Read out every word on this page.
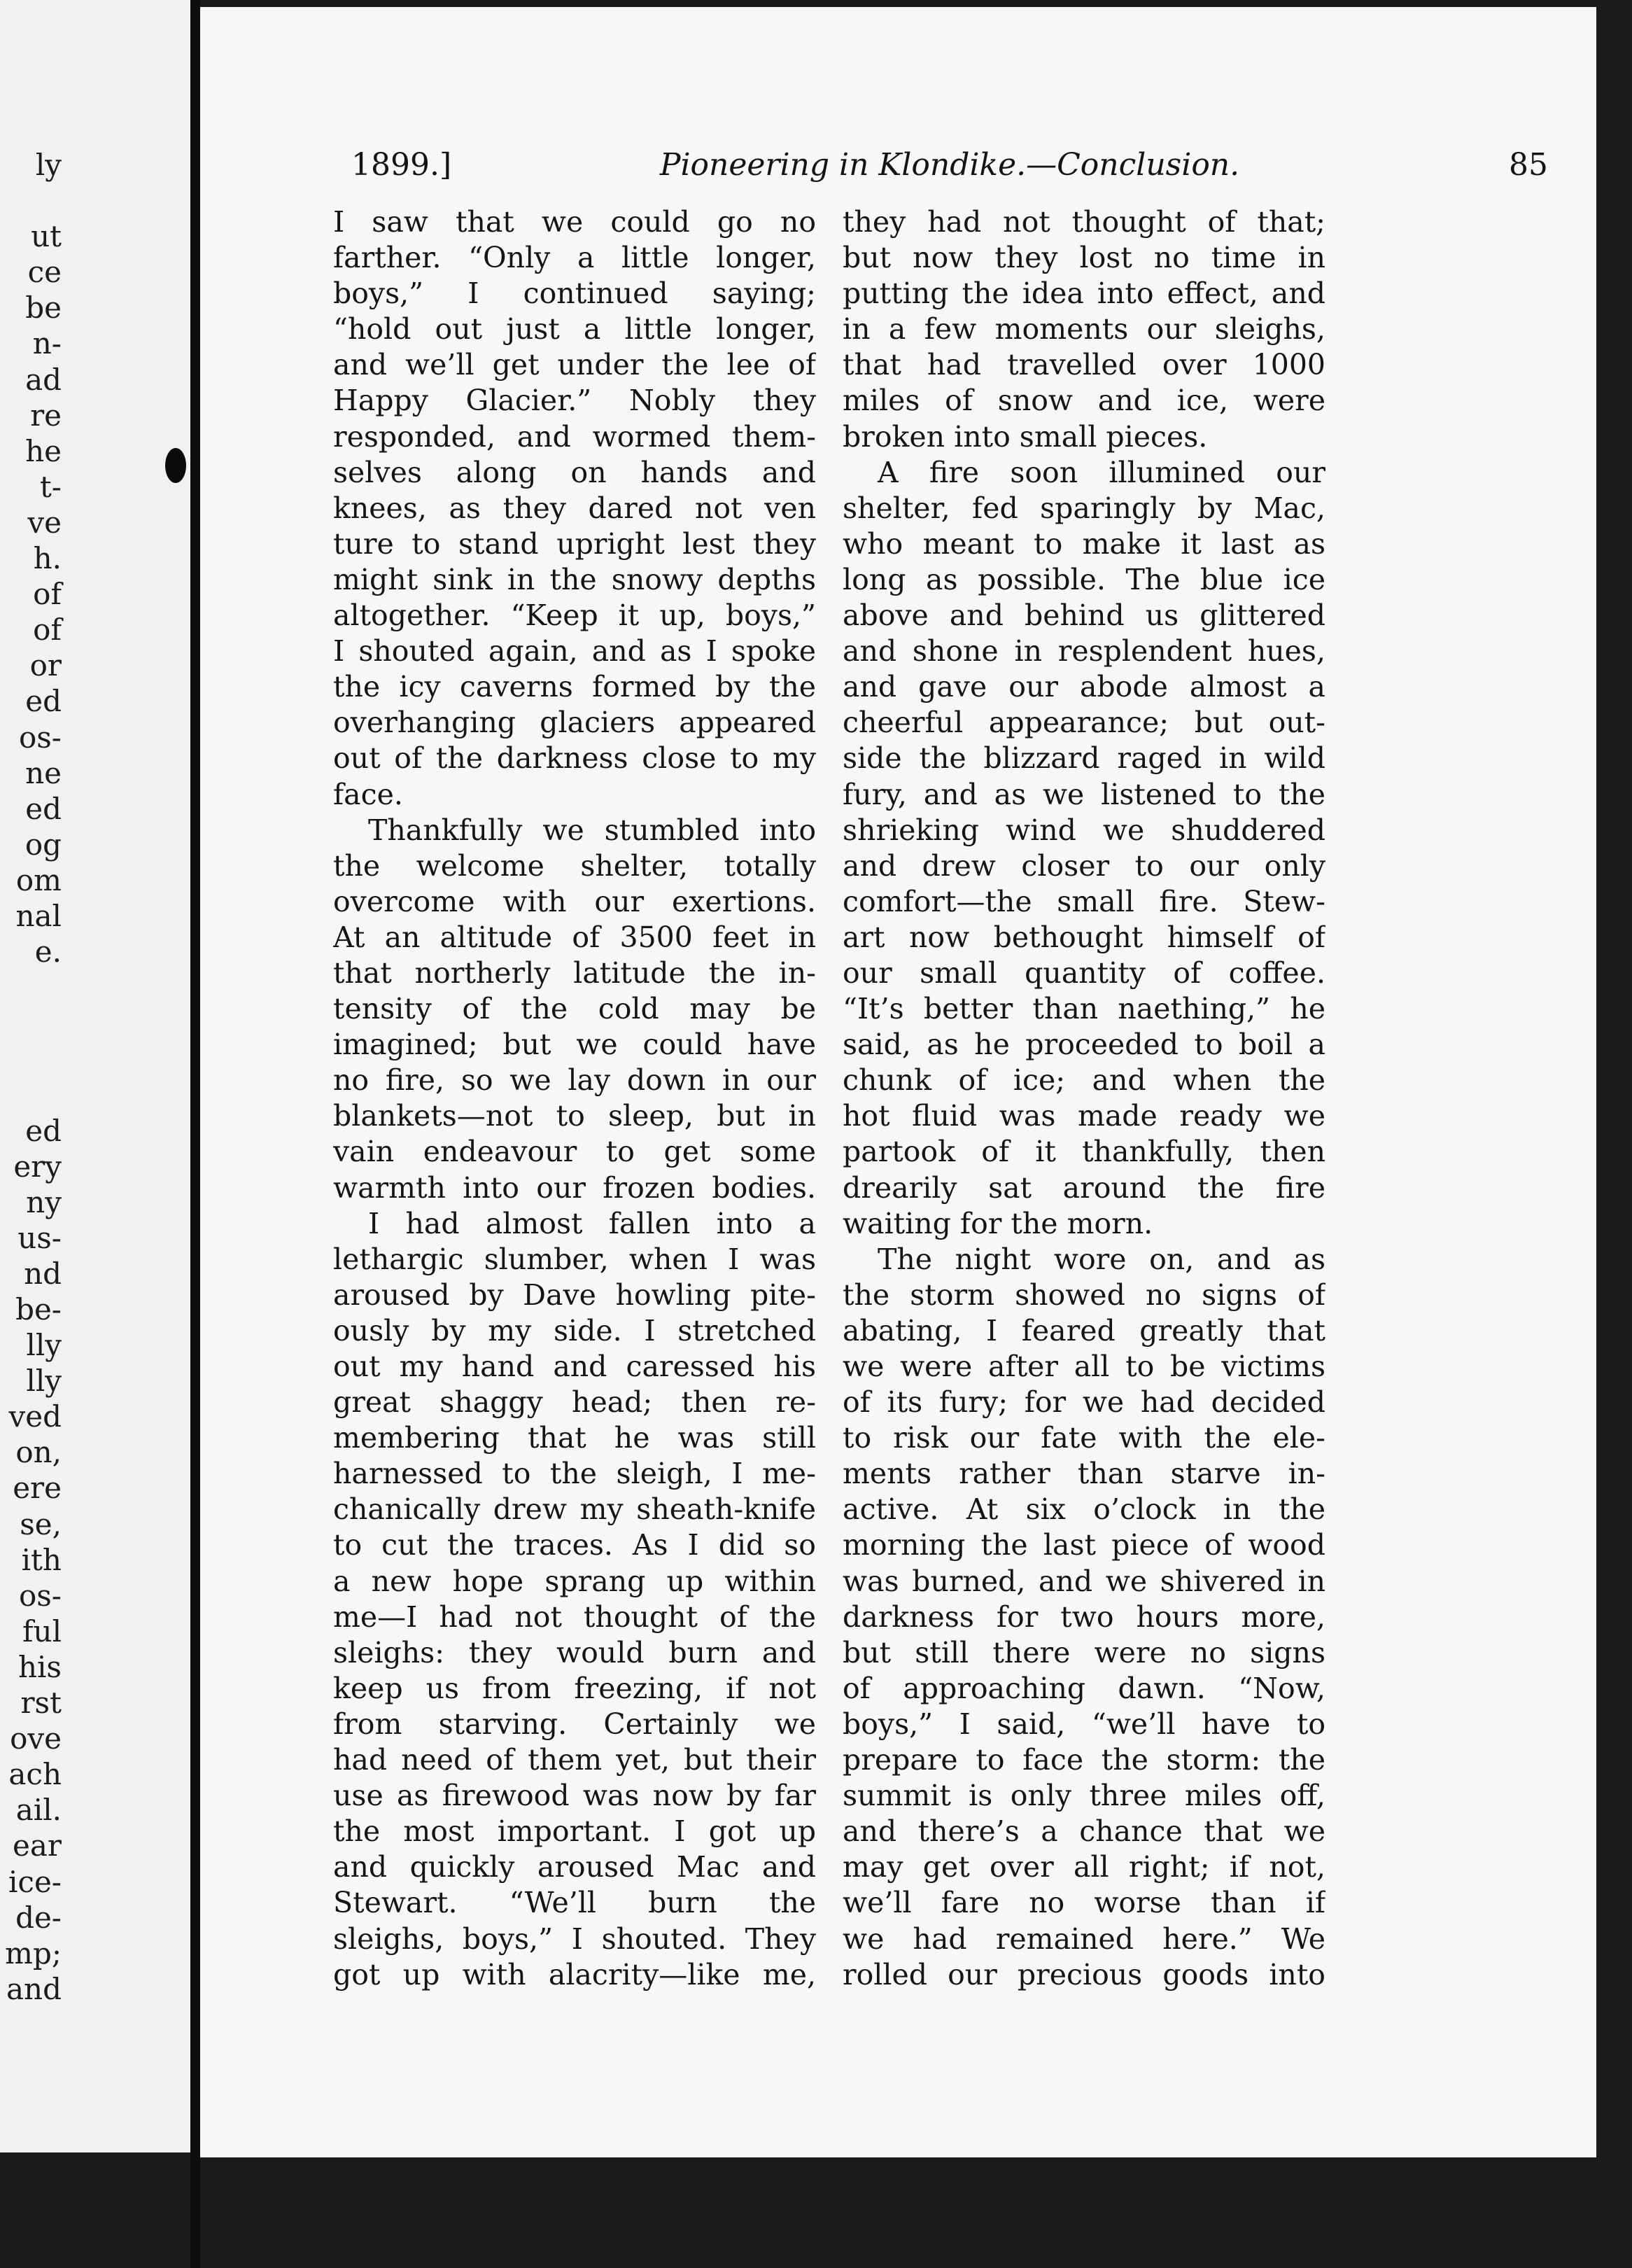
ly
ut
ce
be
n-
ad
re
he
t-
ve
h.
of
of
or
ed
os-
ne
ed
og
om
nal
e.
ed
ery
ny
us-
nd
be-
lly
lly
ved
on,
ere
se,
ith
os-
ful
his
rst
ove
ach
ail.
ear
ice-
de-
mp;
and
1899.]	Pioneering in Klondike.—Conclusion.	85
I saw that we could go no
farther. “Only a little longer,
boys,” I continued saying;
“hold out just a little longer,
and we’ll get under the lee of
Happy Glacier.” Nobly they
responded, and wormed them-
selves along on hands and
knees, as they dared not ven
ture to stand upright lest they
might sink in the snowy depths
altogether. “Keep it up, boys,”
I shouted again, and as I spoke
the icy caverns formed by the
overhanging glaciers appeared
out of the darkness close to my
face.
Thankfully we stumbled into
the welcome shelter, totally
overcome with our exertions.
At an altitude of 3500 feet in
that northerly latitude the in-
tensity of the cold may be
imagined; but we could have
no fire, so we lay down in our
blankets—not to sleep, but in
vain endeavour to get some
warmth into our frozen bodies.
I had almost fallen into a
lethargic slumber, when I was
aroused by Dave howling pite-
ously by my side. I stretched
out my hand and caressed his
great shaggy head; then re-
membering that he was still
harnessed to the sleigh, I me-
chanically drew my sheath-knife
to cut the traces. As I did so
a new hope sprang up within
me—I had not thought of the
sleighs: they would burn and
keep us from freezing, if not
from starving. Certainly we
had need of them yet, but their
use as firewood was now by far
the most important. I got up
and quickly aroused Mac and
Stewart. “We’ll burn the
sleighs, boys,” I shouted. They
got up with alacrity—like me,
they had not thought of that;
but now they lost no time in
putting the idea into effect, and
in a few moments our sleighs,
that had travelled over 1000
miles of snow and ice, were
broken into small pieces.
A fire soon illumined our
shelter, fed sparingly by Mac,
who meant to make it last as
long as possible. The blue ice
above and behind us glittered
and shone in resplendent hues,
and gave our abode almost a
cheerful appearance; but out-
side the blizzard raged in wild
fury, and as we listened to the
shrieking wind we shuddered
and drew closer to our only
comfort—the small fire. Stew-
art now bethought himself of
our small quantity of coffee.
“It’s better than naething,” he
said, as he proceeded to boil a
chunk of ice; and when the
hot fluid was made ready we
partook of it thankfully, then
drearily sat around the fire
waiting for the morn.
The night wore on, and as
the storm showed no signs of
abating, I feared greatly that
we were after all to be victims
of its fury; for we had decided
to risk our fate with the ele-
ments rather than starve in-
active. At six o’clock in the
morning the last piece of wood
was burned, and we shivered in
darkness for two hours more,
but still there were no signs
of approaching dawn. “Now,
boys,” I said, “we’ll have to
prepare to face the storm: the
summit is only three miles off,
and there’s a chance that we
may get over all right; if not,
we’ll fare no worse than if
we had remained here.” We
rolled our precious goods into
